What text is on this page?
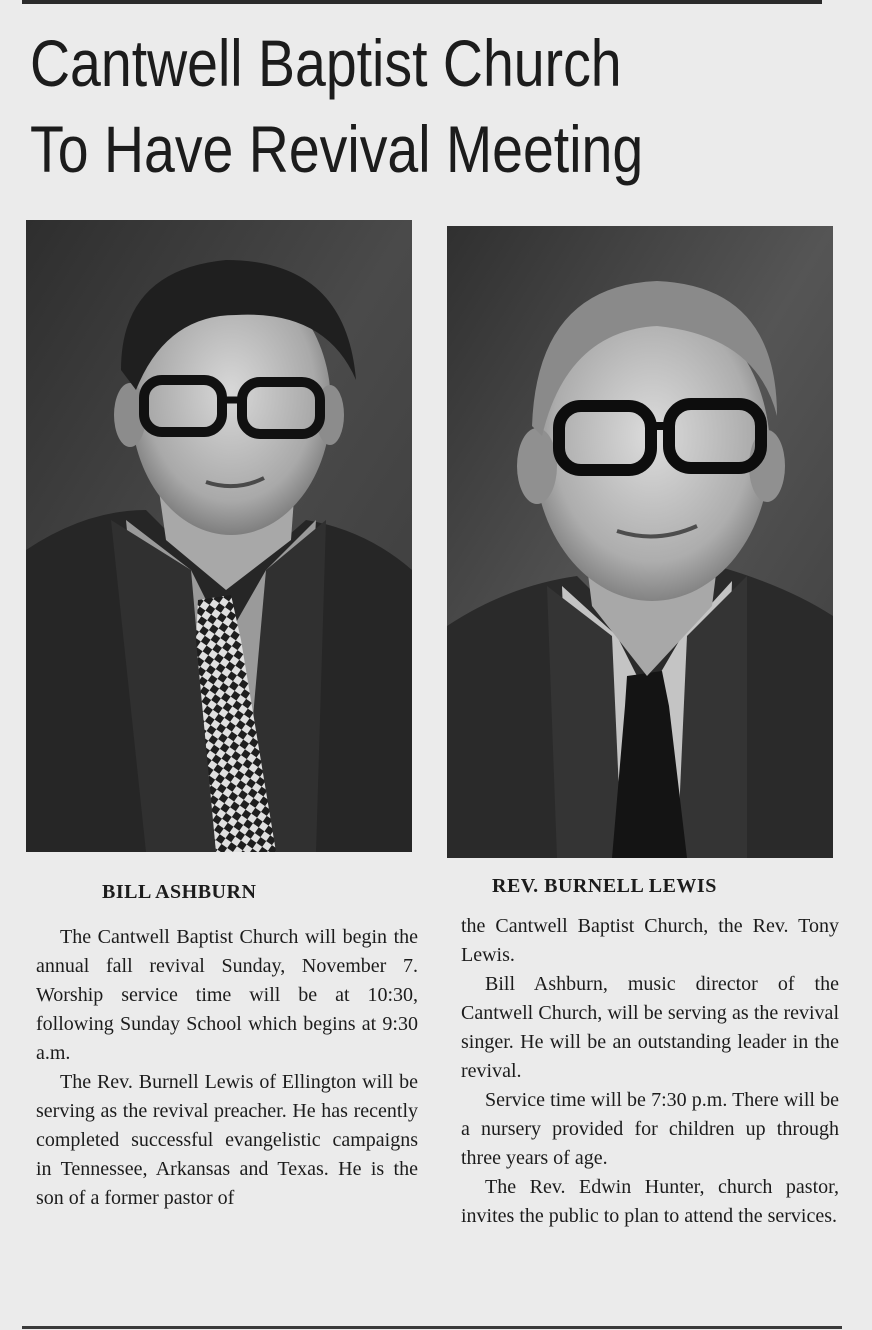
Cantwell Baptist Church
To Have Revival Meeting

BILL ASHBURN	REV. BURNELL LEWIS

The Cantwell Baptist Church will begin the annual fall revival Sunday, November 7. Worship service time will be at 10:30, following Sunday School which begins at 9:30 a.m.

The Rev. Burnell Lewis of Ellington will be serving as the revival preacher. He has recently completed successful evangelistic campaigns in Tennessee, Arkansas and Texas. He is the son of a former pastor of

the Cantwell Baptist Church, the Rev. Tony Lewis.

Bill Ashburn, music director of the Cantwell Church, will be serving as the revival singer. He will be an outstanding leader in the revival.

Service time will be 7:30 p.m. There will be a nursery provided for children up through three years of age.

The Rev. Edwin Hunter, church pastor, invites the public to plan to attend the services.
